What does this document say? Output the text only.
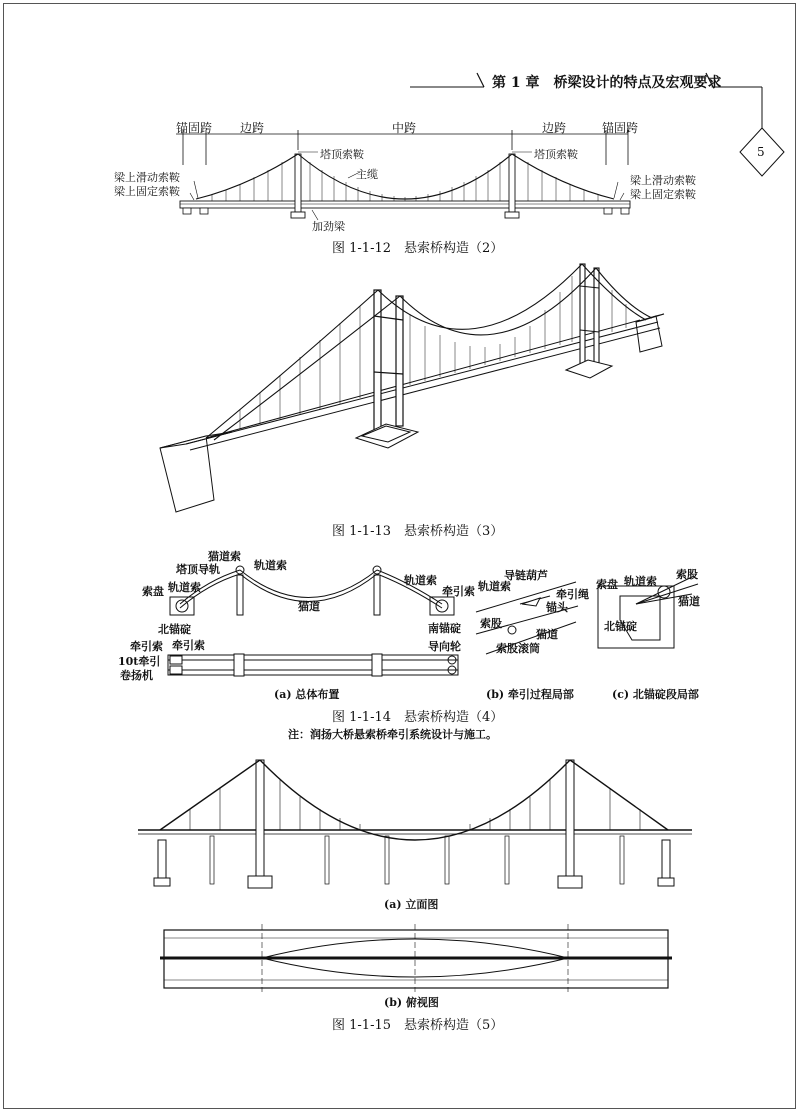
第 1 章　桥梁设计的特点及宏观要求
5
锚固跨 边跨	中跨	边跨	锚固跨
塔顶索鞍	塔顶索鞍
主缆
梁上滑动索鞍
梁上固定索鞍
梁上滑动索鞍
梁上固定索鞍
加劲梁
图 1-1-12　悬索桥构造（2）
图 1-1-13　悬索桥构造（3）
猫道索
塔顶导轨	轨道索
索盘 轨道索
轨道索
牵引索
猫道
北锚碇	南锚碇
牵引索 牵引索
10t牵引
卷扬机
导向轮
(a) 总体布置
导链葫芦
轨道索
牵引绳
锚头
索股
猫道
索股滚筒
(b) 牵引过程局部
索盘 轨道索
索股
猫道
北锚碇
(c) 北锚碇段局部
图 1-1-14　悬索桥构造（4）
注：润扬大桥悬索桥牵引系统设计与施工。
(a) 立面图
(b) 俯视图
图 1-1-15　悬索桥构造（5）
